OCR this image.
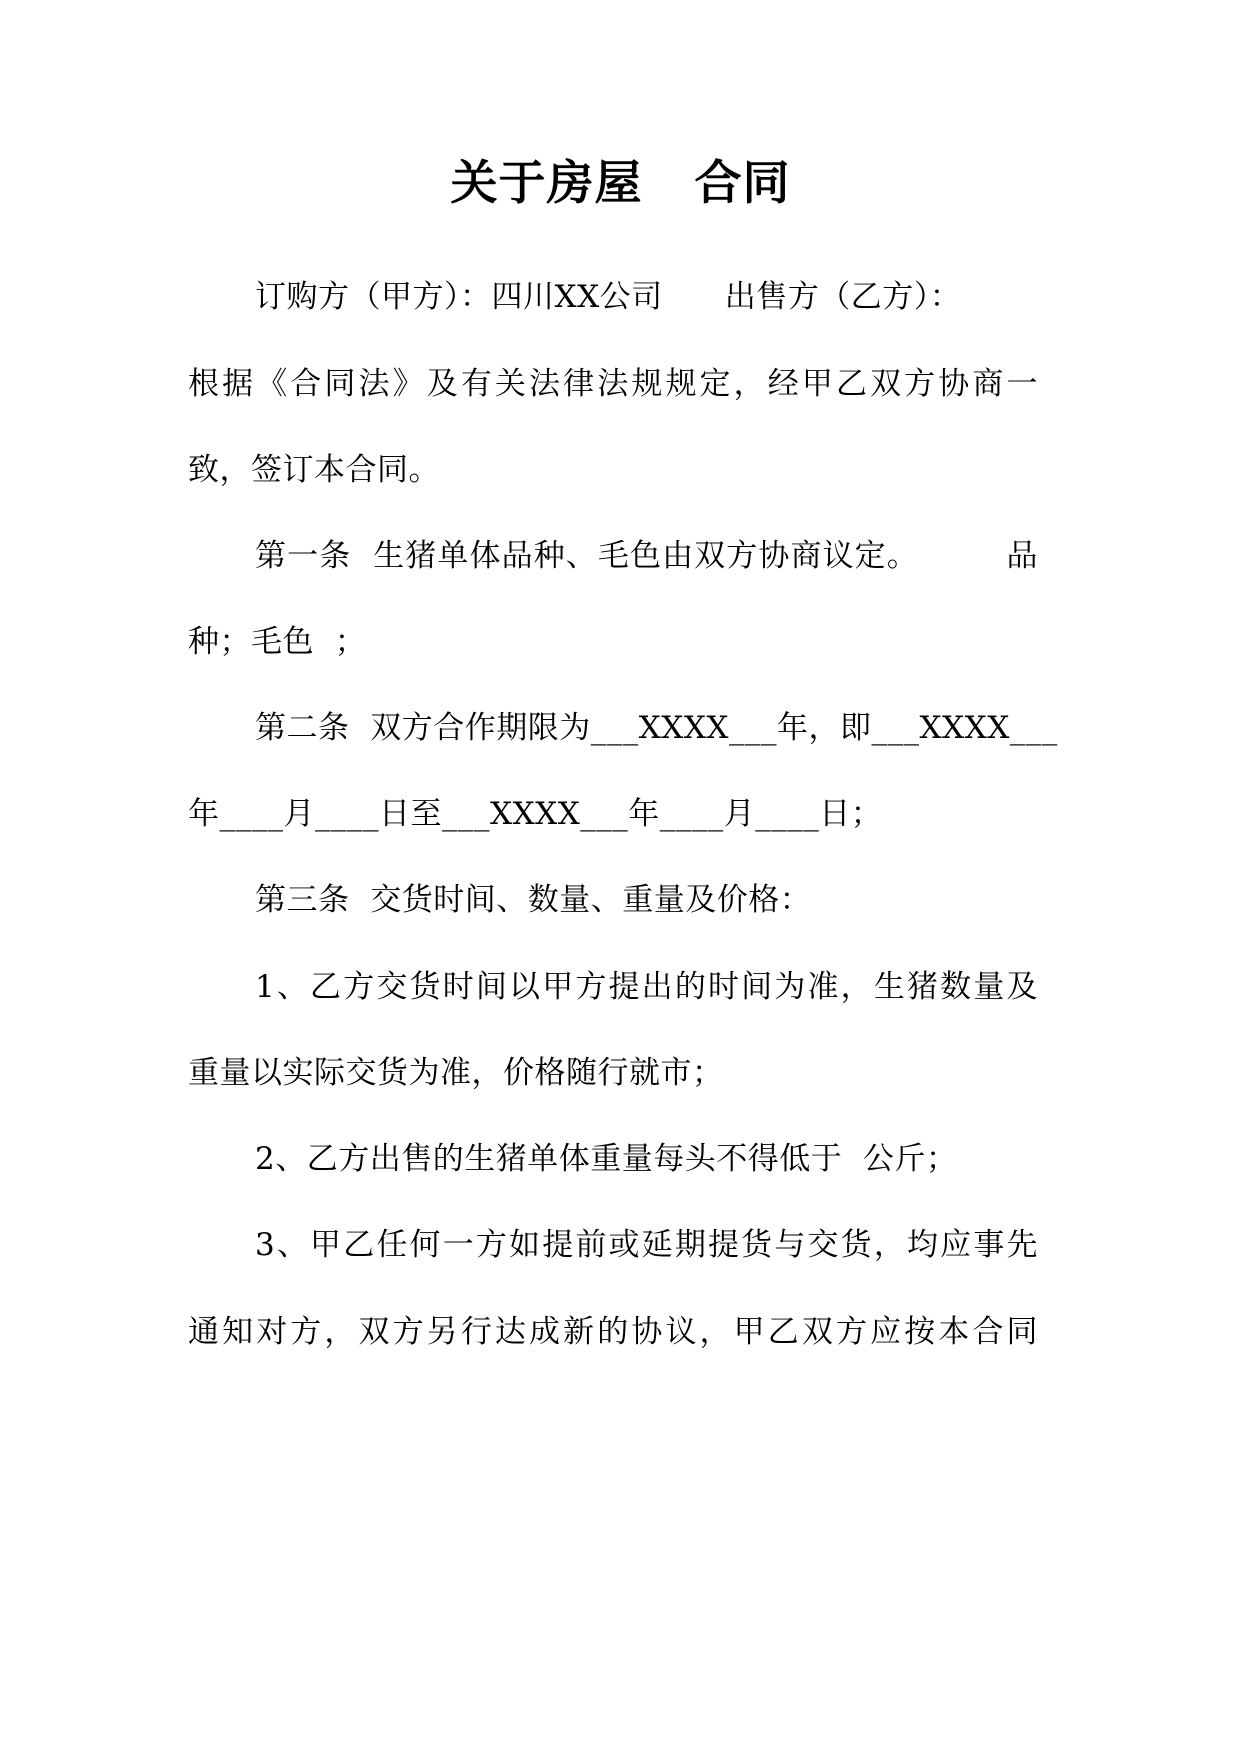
关于房屋   合同
订购方（甲方）：四川XX公司      出售方（乙方）：
根据《合同法》及有关法律法规规定，经甲乙双方协商一
致，签订本合同。
第一条  生猪单体品种、毛色由双方协商议定。        品
种；毛色  ；
第二条  双方合作期限为___XXXX___年，即___XXXX___
年____月____日至___XXXX___年____月____日；
第三条  交货时间、数量、重量及价格：
1、乙方交货时间以甲方提出的时间为准，生猪数量及
重量以实际交货为准，价格随行就市；
2、乙方出售的生猪单体重量每头不得低于  公斤；
3、甲乙任何一方如提前或延期提货与交货，均应事先
通知对方，双方另行达成新的协议，甲乙双方应按本合同
